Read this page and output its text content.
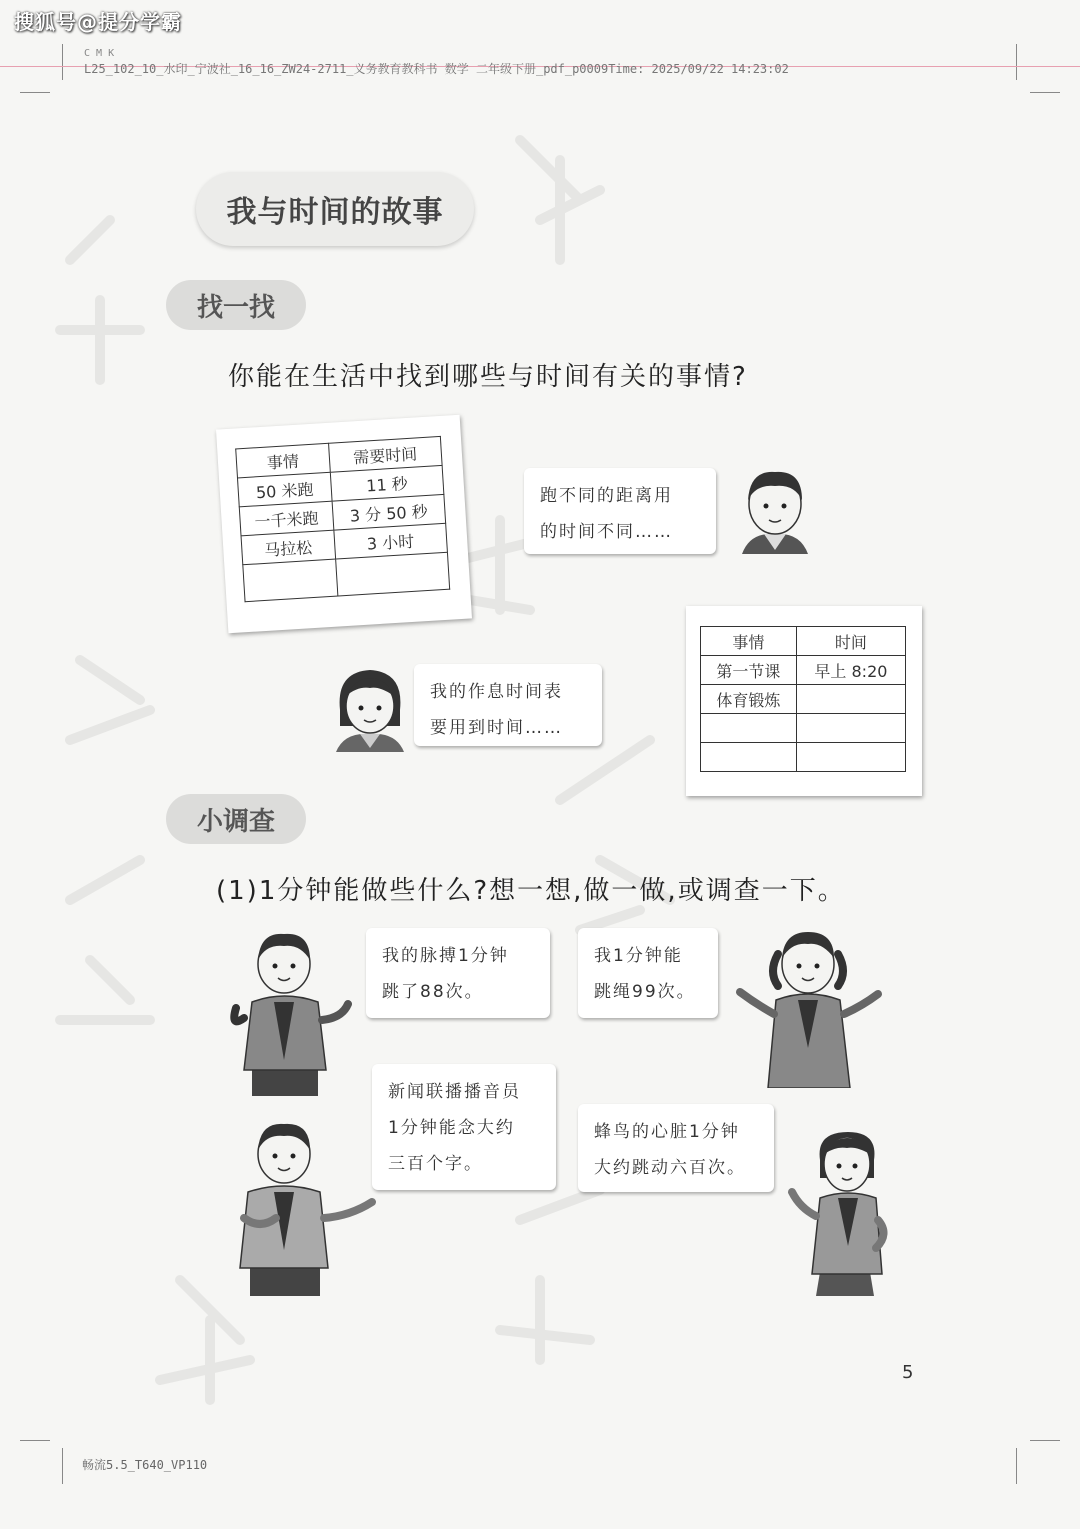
搜狐号@提分学霸
C M K
L25_102_10_水印_宁波社_16_16_ZW24-2711_义务教育教科书 数学 二年级下册_pdf_p0009Time: 2025/09/22 14:23:02
我与时间的故事
找一找
你能在生活中找到哪些与时间有关的事情?
事情	需要时间
50 米跑	11 秒
一千米跑	3 分 50 秒
马拉松	3 小时

跑不同的距离用
的时间不同……
我的作息时间表
要用到时间……
事情	时间
第一节课	早上 8:20
体育锻炼	

小调查
(1)1分钟能做些什么?想一想,做一做,或调查一下。
我的脉搏1分钟
跳了88次。
我1分钟能
跳绳99次。
新闻联播播音员
1分钟能念大约
三百个字。
蜂鸟的心脏1分钟
大约跳动六百次。
5
畅流5.5_T640_VP110
